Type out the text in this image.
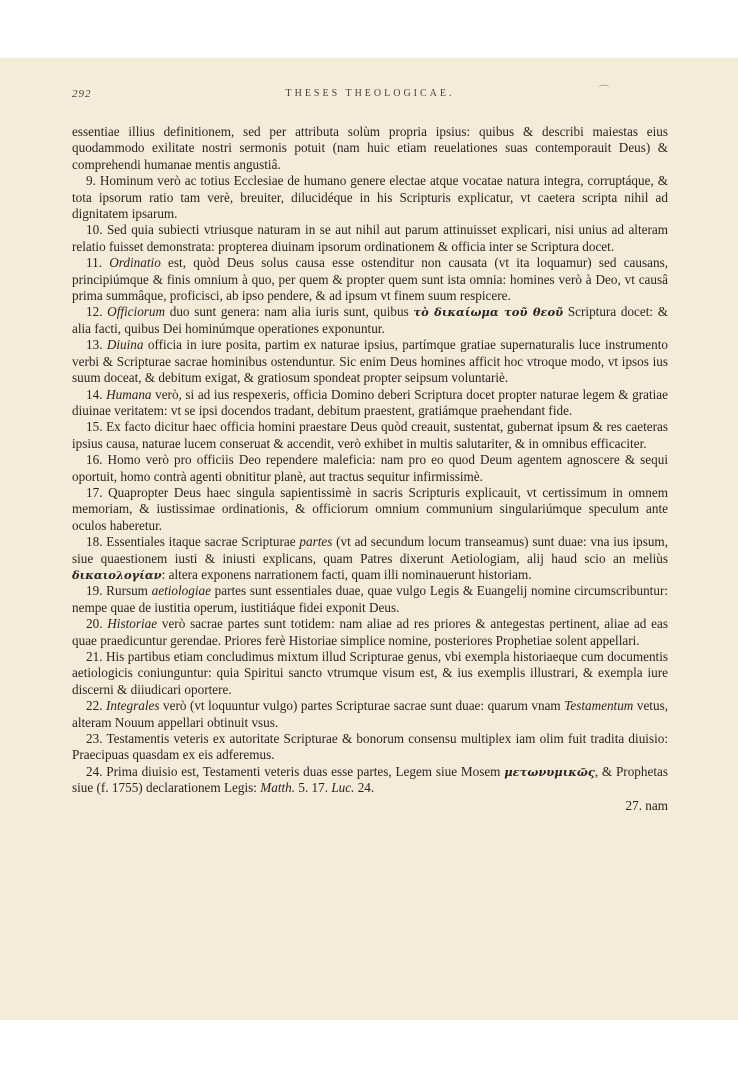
292	THESES THEOLOGICAE.	⌒

essentiae illius definitionem, sed per attributa solùm propria ipsius: quibus & describi maiestas eius quodammodo exilitate nostri sermonis potuit (nam huic etiam reuelationes suas contemporauit Deus) & comprehendi humanae mentis angustiâ.

9. Hominum verò ac totius Ecclesiae de humano genere electae atque vocatae natura integra, corruptáque, & tota ipsorum ratio tam verè, breuiter, dilucidéque in his Scripturis explicatur, vt caetera scripta nihil ad dignitatem ipsarum.

10. Sed quia subiecti vtriusque naturam in se aut nihil aut parum attinuisset explicari, nisi unius ad alteram relatio fuisset demonstrata: propterea diuinam ipsorum ordinationem & officia inter se Scriptura docet.

11. Ordinatio est, quòd Deus solus causa esse ostenditur non causata (vt ita loquamur) sed causans, principiúmque & finis omnium à quo, per quem & propter quem sunt ista omnia: homines verò à Deo, vt causâ prima summâque, proficisci, ab ipso pendere, & ad ipsum vt finem suum respicere.

12. Officiorum duo sunt genera: nam alia iuris sunt, quibus τὸ δικαίωμα τοῦ θεοῦ Scriptura docet: & alia facti, quibus Dei hominúmque operationes exponuntur.

13. Diuina officia in iure posita, partim ex naturae ipsius, partímque gratiae supernaturalis luce instrumento verbi & Scripturae sacrae hominibus ostenduntur. Sic enim Deus homines afficit hoc vtroque modo, vt ipsos ius suum doceat, & debitum exigat, & gratiosum spondeat propter seipsum voluntariè.

14. Humana verò, si ad ius respexeris, officia Domino deberi Scriptura docet propter naturae legem & gratiae diuinae veritatem: vt se ipsi docendos tradant, debitum praestent, gratiámque praehendant fide.

15. Ex facto dicitur haec officia homini praestare Deus quòd creauit, sustentat, gubernat ipsum & res caeteras ipsius causa, naturae lucem conseruat & accendit, verò exhibet in multis salutariter, & in omnibus efficaciter.

16. Homo verò pro officiis Deo rependere maleficia: nam pro eo quod Deum agentem agnoscere & sequi oportuit, homo contrà agenti obnititur planè, aut tractus sequitur infirmissimè.

17. Quapropter Deus haec singula sapientissimè in sacris Scripturis explicauit, vt certissimum in omnem memoriam, & iustissimae ordinationis, & officiorum omnium communium singulariúmque speculum ante oculos haberetur.

18. Essentiales itaque sacrae Scripturae partes (vt ad secundum locum transeamus) sunt duae: vna ius ipsum, siue quaestionem iusti & iniusti explicans, quam Patres dixerunt Aetiologiam, alij haud scio an meliùs δικαιολογίαν: altera exponens narrationem facti, quam illi nominauerunt historiam.

19. Rursum aetiologiae partes sunt essentiales duae, quae vulgo Legis & Euangelij nomine circumscribuntur: nempe quae de iustitia operum, iustitiáque fidei exponit Deus.

20. Historiae verò sacrae partes sunt totidem: nam aliae ad res priores & antegestas pertinent, aliae ad eas quae praedicuntur gerendae. Priores ferè Historiae simplice nomine, posteriores Prophetiae solent appellari.

21. His partibus etiam concludimus mixtum illud Scripturae genus, vbi exempla historiaeque cum documentis aetiologicis coniunguntur: quia Spiritui sancto vtrumque visum est, & ius exemplis illustrari, & exempla iure discerni & diiudicari oportere.

22. Integrales verò (vt loquuntur vulgo) partes Scripturae sacrae sunt duae: quarum vnam Testamentum vetus, alteram Nouum appellari obtinuit vsus.

23. Testamentis veteris ex autoritate Scripturae & bonorum consensu multiplex iam olim fuit tradita diuisio: Praecipuas quasdam ex eis adferemus.

24. Prima diuisio est, Testamenti veteris duas esse partes, Legem siue Mosem μετωνυμικῶς, & Prophetas siue (f. 1755) declarationem Legis: Matth. 5. 17. Luc. 24.

27. nam
